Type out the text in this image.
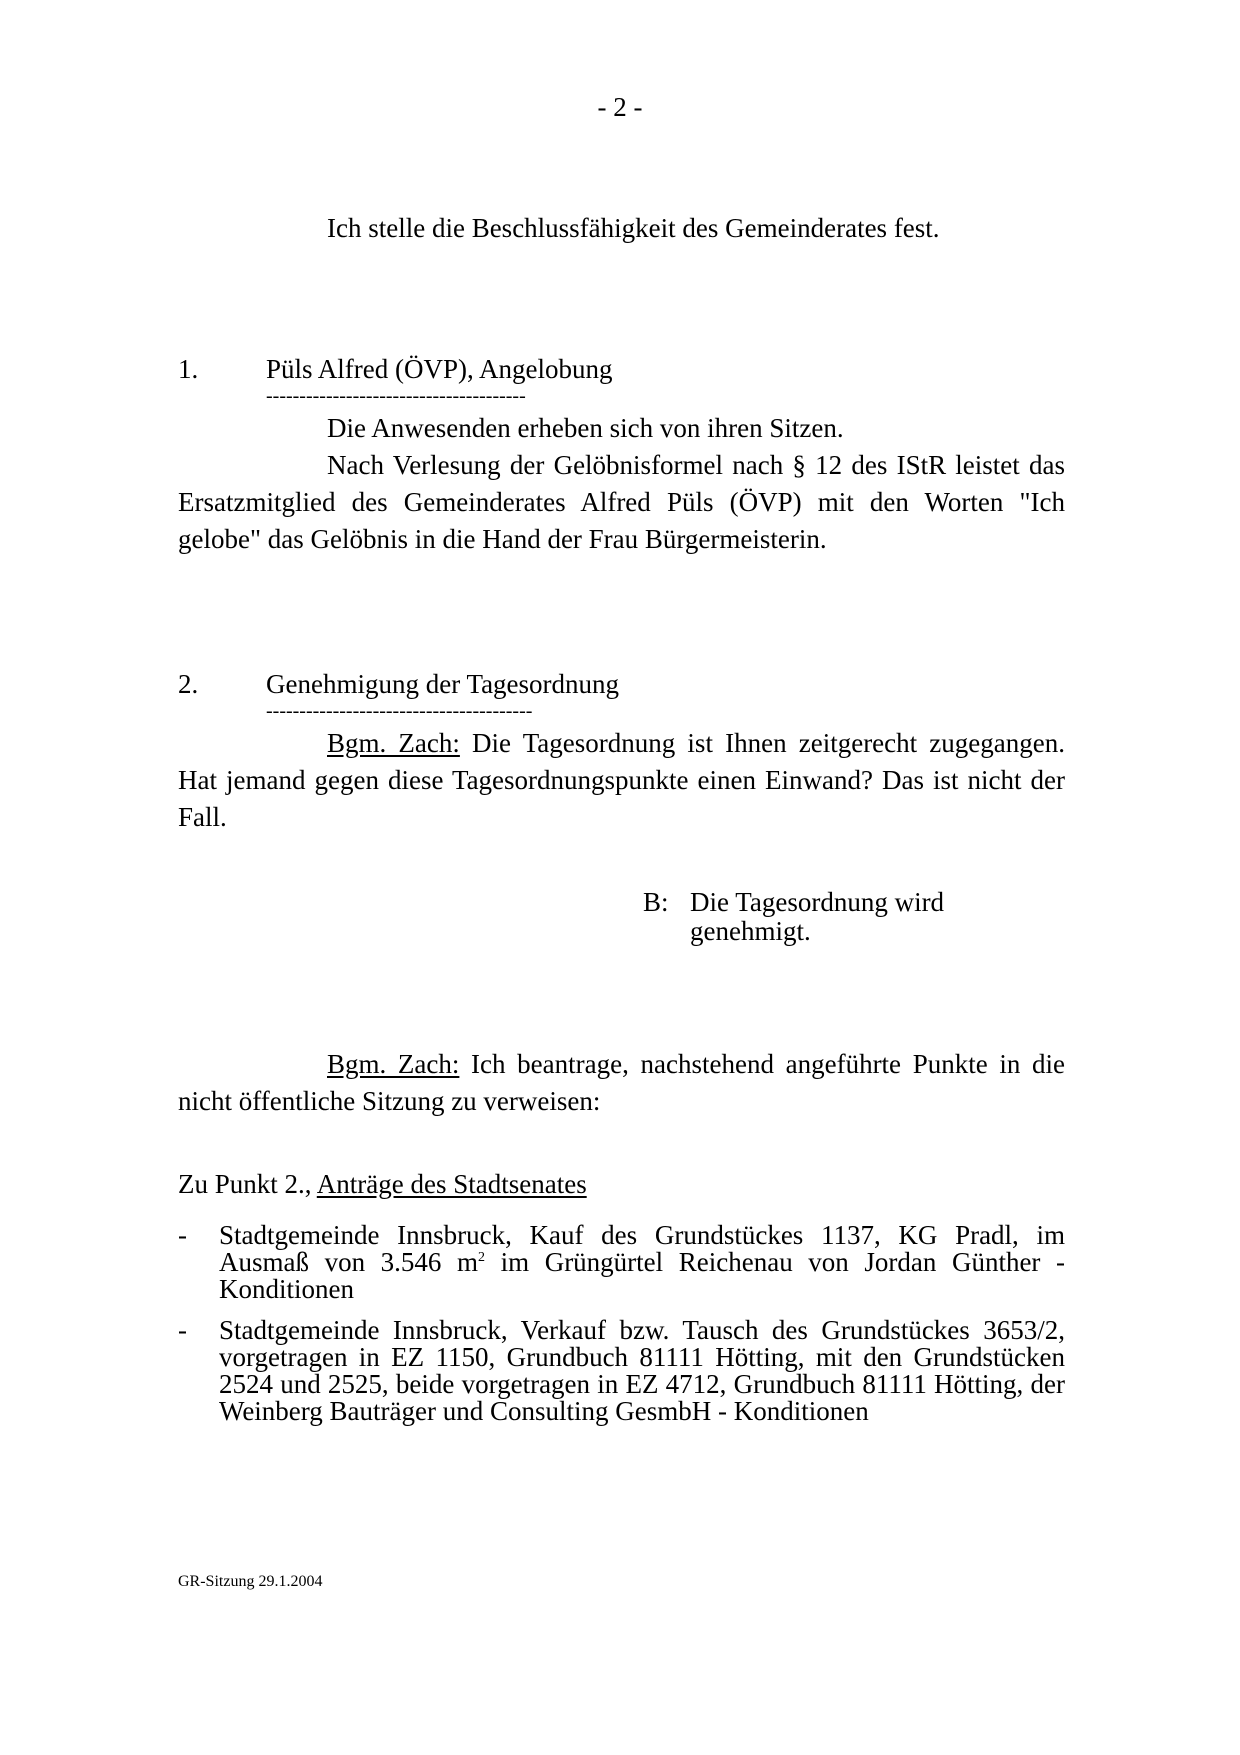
- 2 -
Ich stelle die Beschlussfähigkeit des Gemeinderates fest.
1.	Püls Alfred (ÖVP), Angelobung
---------------------------------------

Die Anwesenden erheben sich von ihren Sitzen.

Nach Verlesung der Gelöbnisformel nach § 12 des IStR leistet das Ersatzmitglied des Gemeinderates Alfred Püls (ÖVP) mit den Worten "Ich gelobe" das Gelöbnis in die Hand der Frau Bürgermeisterin.

2.	Genehmigung der Tagesordnung
----------------------------------------

Bgm. Zach: Die Tagesordnung ist Ihnen zeitgerecht zugegangen. Hat jemand gegen diese Tagesordnungspunkte einen Einwand? Das ist nicht der Fall.

B: Die Tagesordnung wird genehmigt.

Bgm. Zach: Ich beantrage, nachstehend angeführte Punkte in die nicht öffentliche Sitzung zu verweisen:

Zu Punkt 2., Anträge des Stadtsenates
- Stadtgemeinde Innsbruck, Kauf des Grundstückes 1137, KG Pradl, im Ausmaß von 3.546 $m^2$ im Grüngürtel Reichenau von Jordan Günther - Konditionen
- Stadtgemeinde Innsbruck, Verkauf bzw. Tausch des Grundstückes 3653/2, vorgetragen in EZ 1150, Grundbuch 81111 Hötting, mit den Grundstücken 2524 und 2525, beide vorgetragen in EZ 4712, Grundbuch 81111 Hötting, der Weinberg Bauträger und Consulting GesmbH - Konditionen
GR-Sitzung 29.1.2004
